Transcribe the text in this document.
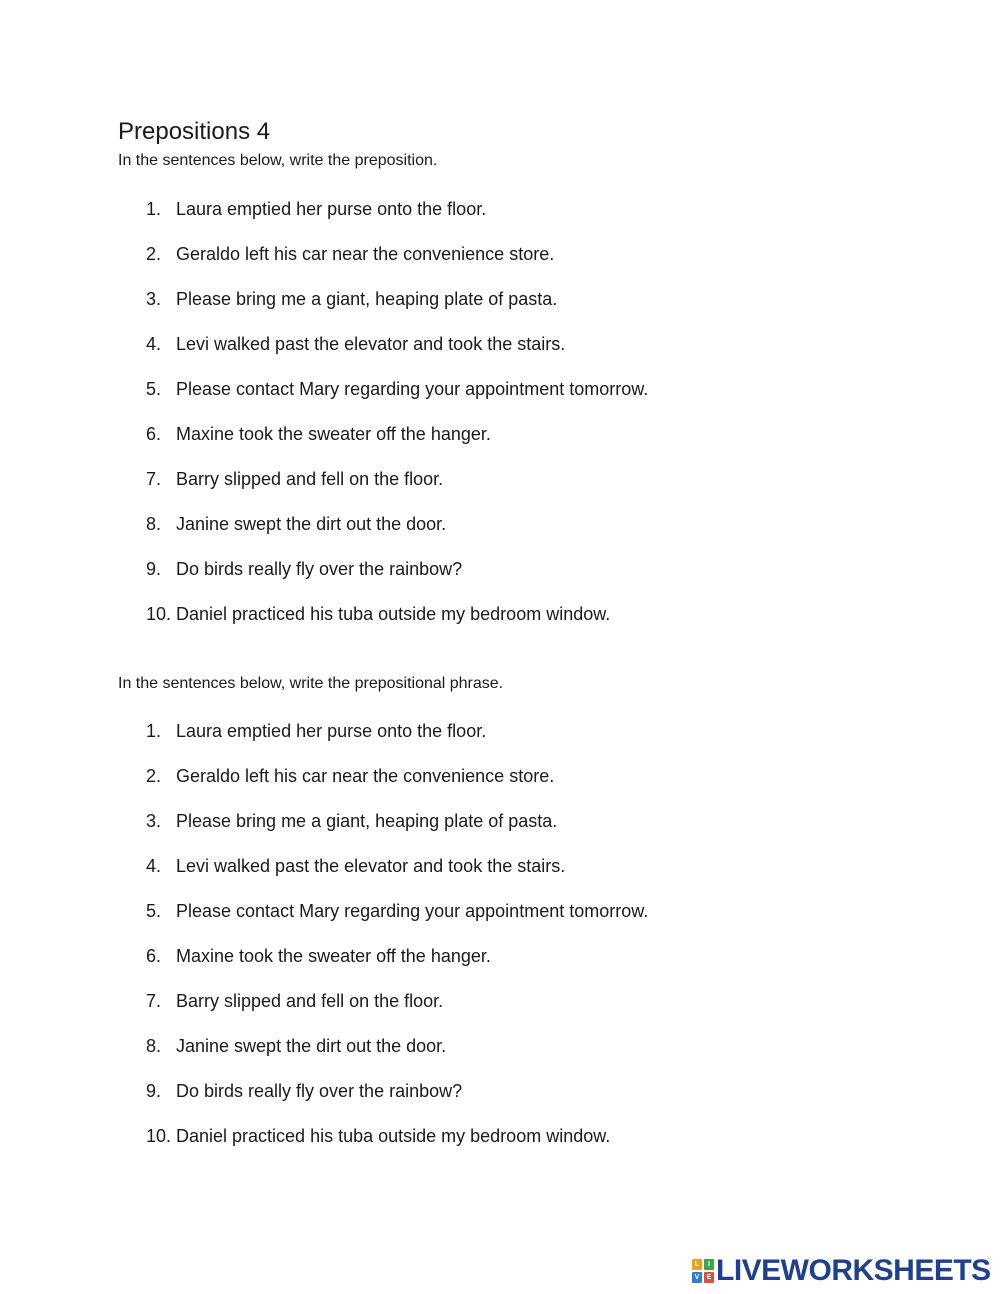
Prepositions 4

In the sentences below, write the preposition.

1. Laura emptied her purse onto the floor.
2. Geraldo left his car near the convenience store.
3. Please bring me a giant, heaping plate of pasta.
4. Levi walked past the elevator and took the stairs.
5. Please contact Mary regarding your appointment tomorrow.
6. Maxine took the sweater off the hanger.
7. Barry slipped and fell on the floor.
8. Janine swept the dirt out the door.
9. Do birds really fly over the rainbow?
10. Daniel practiced his tuba outside my bedroom window.

In the sentences below, write the prepositional phrase.

1. Laura emptied her purse onto the floor.
2. Geraldo left his car near the convenience store.
3. Please bring me a giant, heaping plate of pasta.
4. Levi walked past the elevator and took the stairs.
5. Please contact Mary regarding your appointment tomorrow.
6. Maxine took the sweater off the hanger.
7. Barry slipped and fell on the floor.
8. Janine swept the dirt out the door.
9. Do birds really fly over the rainbow?
10. Daniel practiced his tuba outside my bedroom window.
L	I
V	E LIVEWORKSHEETS
